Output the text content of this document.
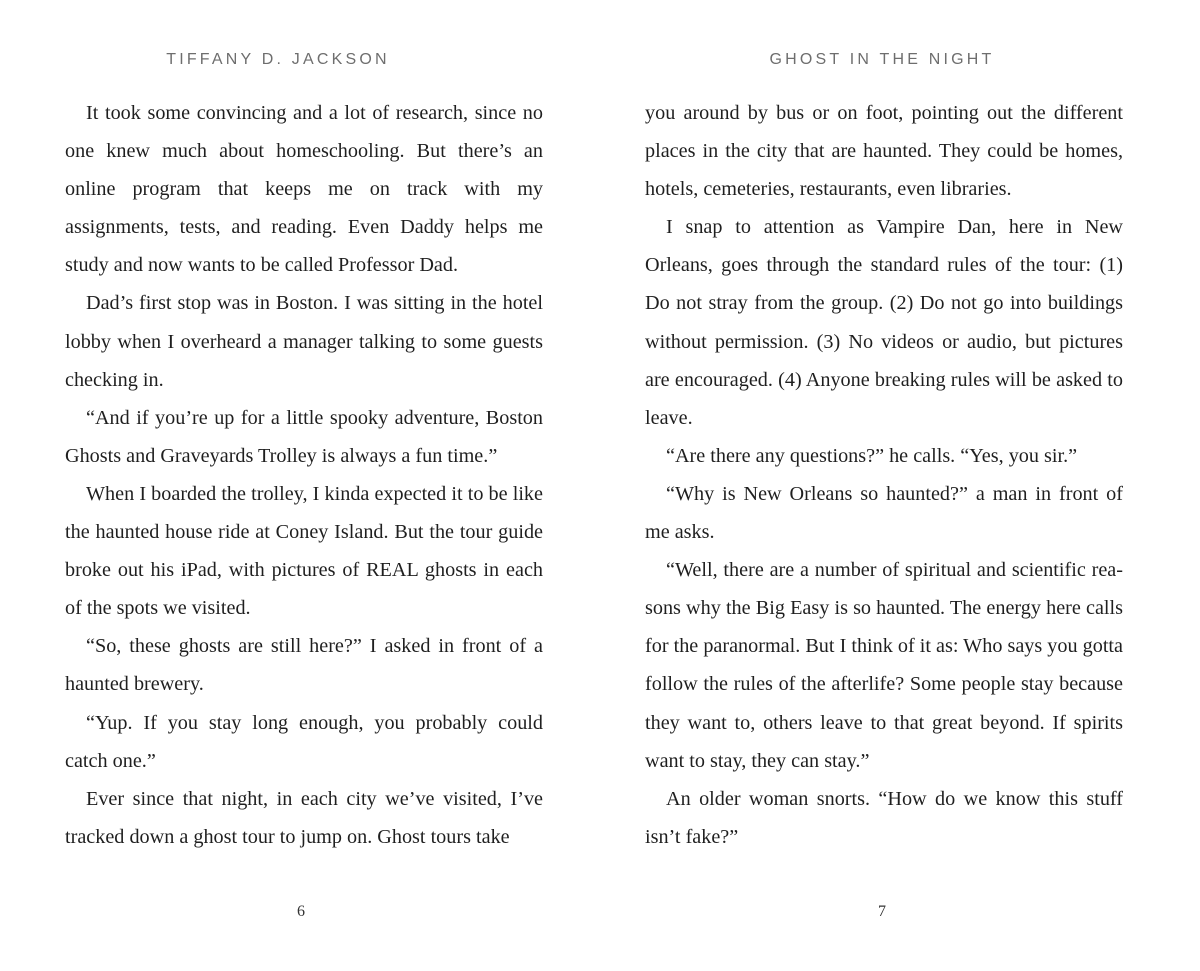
TIFFANY D. JACKSON

It took some convincing and a lot of research, since no one knew much about homeschooling. But there’s an online program that keeps me on track with my assignments, tests, and reading. Even Daddy helps me study and now wants to be called Professor Dad.

Dad’s first stop was in Boston. I was sitting in the hotel lobby when I overheard a manager talking to some guests checking in.

“And if you’re up for a little spooky adventure, Boston Ghosts and Graveyards Trolley is always a fun time.”

When I boarded the trolley, I kinda expected it to be like the haunted house ride at Coney Island. But the tour guide broke out his iPad, with pictures of REAL ghosts in each of the spots we visited.

“So, these ghosts are still here?” I asked in front of a haunted brewery.

“Yup. If you stay long enough, you probably could catch one.”

Ever since that night, in each city we’ve visited, I’ve tracked down a ghost tour to jump on. Ghost tours take

6
GHOST IN THE NIGHT

you around by bus or on foot, pointing out the different places in the city that are haunted. They could be homes, hotels, cemeteries, restaurants, even libraries.

I snap to attention as Vampire Dan, here in New Orleans, goes through the standard rules of the tour: (1) Do not stray from the group. (2) Do not go into buildings without permission. (3) No videos or audio, but pictures are encouraged. (4) Anyone breaking rules will be asked to leave.

“Are there any questions?” he calls. “Yes, you sir.”

“Why is New Orleans so haunted?” a man in front of me asks.

“Well, there are a number of spiritual and scientific reasons why the Big Easy is so haunted. The energy here calls for the paranormal. But I think of it as: Who says you gotta follow the rules of the afterlife? Some people stay because they want to, others leave to that great beyond. If spirits want to stay, they can stay.”

An older woman snorts. “How do we know this stuff isn’t fake?”

7
